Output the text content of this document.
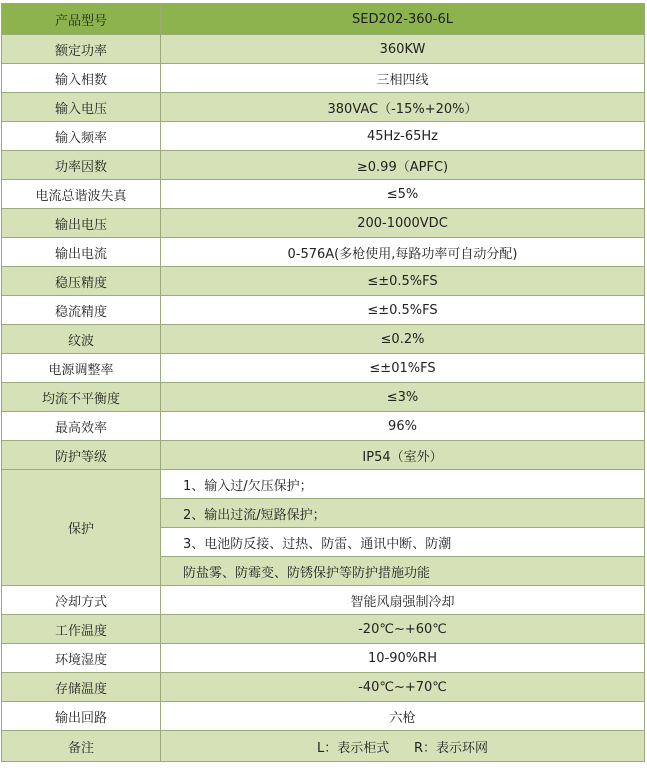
产品型号	SED202-360-6L
额定功率	360KW
输入相数	三相四线
输入电压	380VAC（-15%+20%）
输入频率	45Hz-65Hz
功率因数	≥0.99（APFC)
电流总谐波失真	≤5%
输出电压	200-1000VDC
输出电流	0-576A(多枪使用,每路功率可自动分配)
稳压精度	≤±0.5%FS
稳流精度	≤±0.5%FS
纹波	≤0.2%
电源调整率	≤±01%FS
均流不平衡度	≤3%
最高效率	96%
防护等级	IP54（室外）
保护	1、输入过/欠压保护；
	2、输出过流/短路保护；
	3、电池防反接、过热、防雷、通讯中断、防潮
	防盐雾、防霉变、防锈保护等防护措施功能
冷却方式	智能风扇强制冷却
工作温度	-20℃~+60℃
环境湿度	10-90%RH
存储温度	-40℃~+70℃
输出回路	六枪
备注	L：表示柜式      R：表示环网
